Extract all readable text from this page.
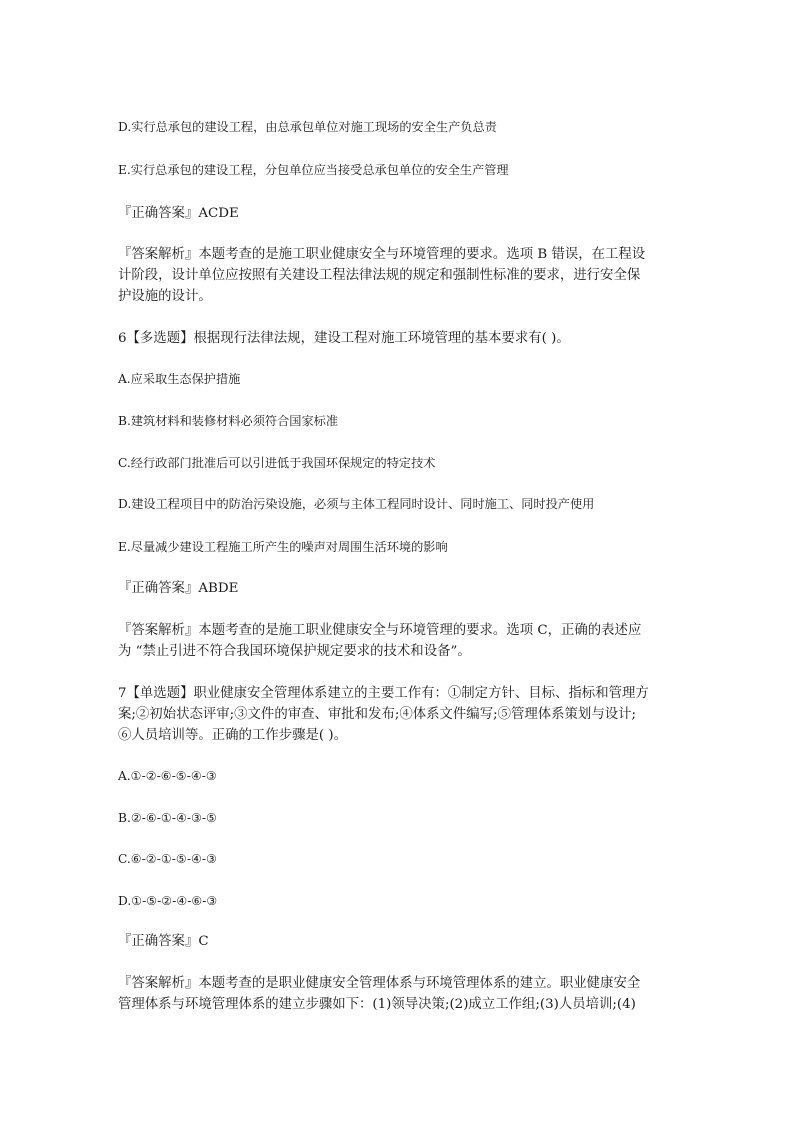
D.实行总承包的建设工程，由总承包单位对施工现场的安全生产负总责
E.实行总承包的建设工程，分包单位应当接受总承包单位的安全生产管理
『正确答案』ACDE
『答案解析』本题考查的是施工职业健康安全与环境管理的要求。选项 B 错误，在工程设
计阶段，设计单位应按照有关建设工程法律法规的规定和强制性标准的要求，进行安全保
护设施的设计。
6【多选题】根据现行法律法规，建设工程对施工环境管理的基本要求有( )。
A.应采取生态保护措施
B.建筑材料和装修材料必须符合国家标准
C.经行政部门批准后可以引进低于我国环保规定的特定技术
D.建设工程项目中的防治污染设施，必须与主体工程同时设计、同时施工、同时投产使用
E.尽量减少建设工程施工所产生的噪声对周围生活环境的影响
『正确答案』ABDE
『答案解析』本题考查的是施工职业健康安全与环境管理的要求。选项 C，正确的表述应
为 “禁止引进不符合我国环境保护规定要求的技术和设备”。
7【单选题】职业健康安全管理体系建立的主要工作有：①制定方针、目标、指标和管理方
案;②初始状态评审;③文件的审查、审批和发布;④体系文件编写;⑤管理体系策划与设计;
⑥人员培训等。正确的工作步骤是( )。
A.①-②-⑥-⑤-④-③
B.②-⑥-①-④-③-⑤
C.⑥-②-①-⑤-④-③
D.①-⑤-②-④-⑥-③
『正确答案』C
『答案解析』本题考查的是职业健康安全管理体系与环境管理体系的建立。职业健康安全
管理体系与环境管理体系的建立步骤如下：(1)领导决策;(2)成立工作组;(3)人员培训;(4)
